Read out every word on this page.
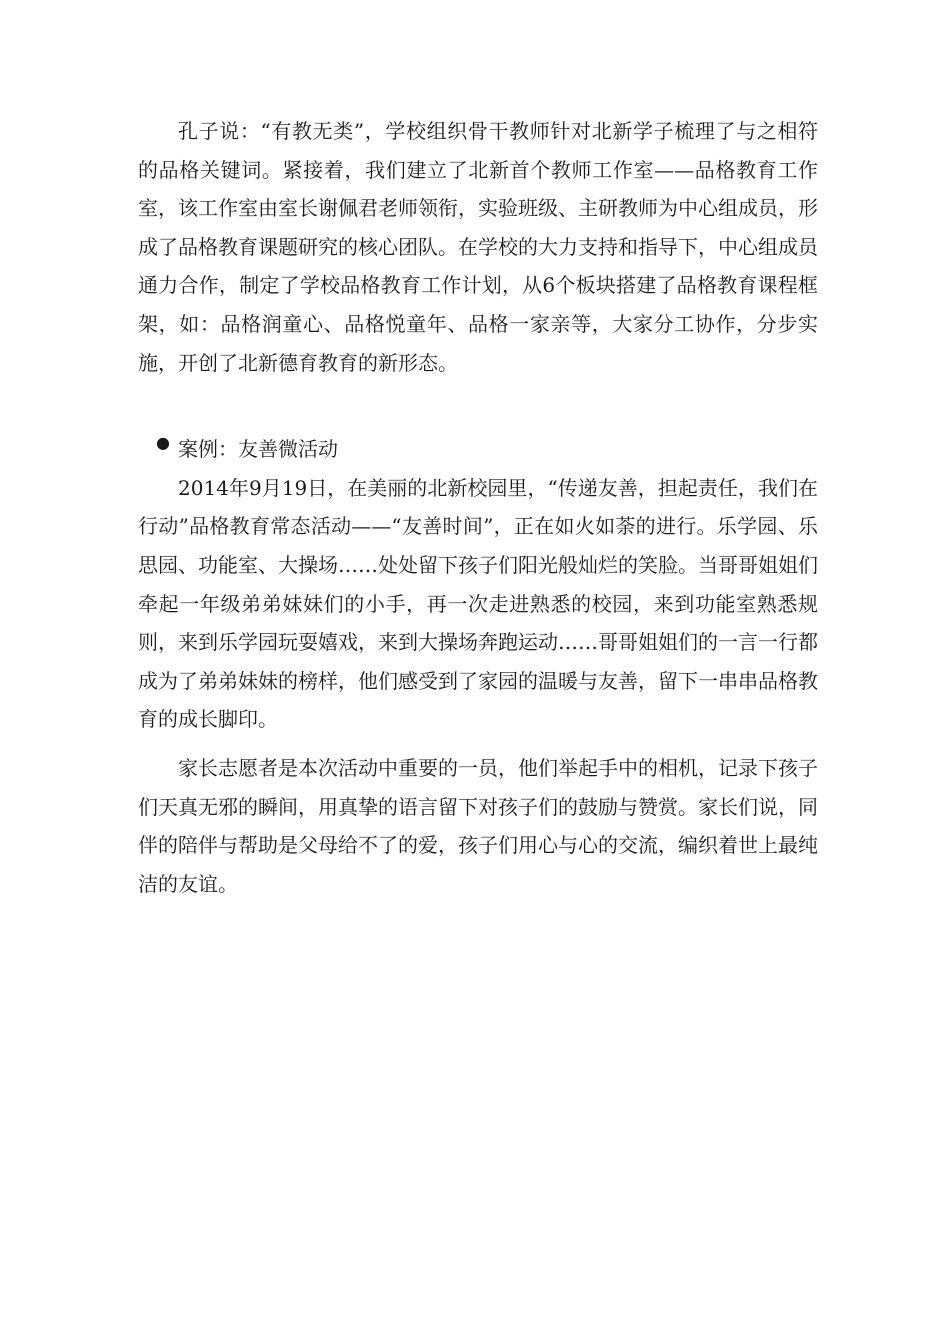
孔子说：“有教无类”，学校组织骨干教师针对北新学子梳理了与之相符的品格关键词。紧接着，我们建立了北新首个教师工作室——品格教育工作室，该工作室由室长谢佩君老师领衔，实验班级、主研教师为中心组成员，形成了品格教育课题研究的核心团队。在学校的大力支持和指导下，中心组成员通力合作，制定了学校品格教育工作计划，从6个板块搭建了品格教育课程框架，如：品格润童心、品格悦童年、品格一家亲等，大家分工协作，分步实施，开创了北新德育教育的新形态。

● 案例：友善微活动

2014年9月19日，在美丽的北新校园里，“传递友善，担起责任，我们在行动”品格教育常态活动——“友善时间”，正在如火如荼的进行。乐学园、乐思园、功能室、大操场……处处留下孩子们阳光般灿烂的笑脸。当哥哥姐姐们牵起一年级弟弟妹妹们的小手，再一次走进熟悉的校园，来到功能室熟悉规则，来到乐学园玩耍嬉戏，来到大操场奔跑运动……哥哥姐姐们的一言一行都成为了弟弟妹妹的榜样，他们感受到了家园的温暖与友善，留下一串串品格教育的成长脚印。

家长志愿者是本次活动中重要的一员，他们举起手中的相机，记录下孩子们天真无邪的瞬间，用真挚的语言留下对孩子们的鼓励与赞赏。家长们说，同伴的陪伴与帮助是父母给不了的爱，孩子们用心与心的交流，编织着世上最纯洁的友谊。
